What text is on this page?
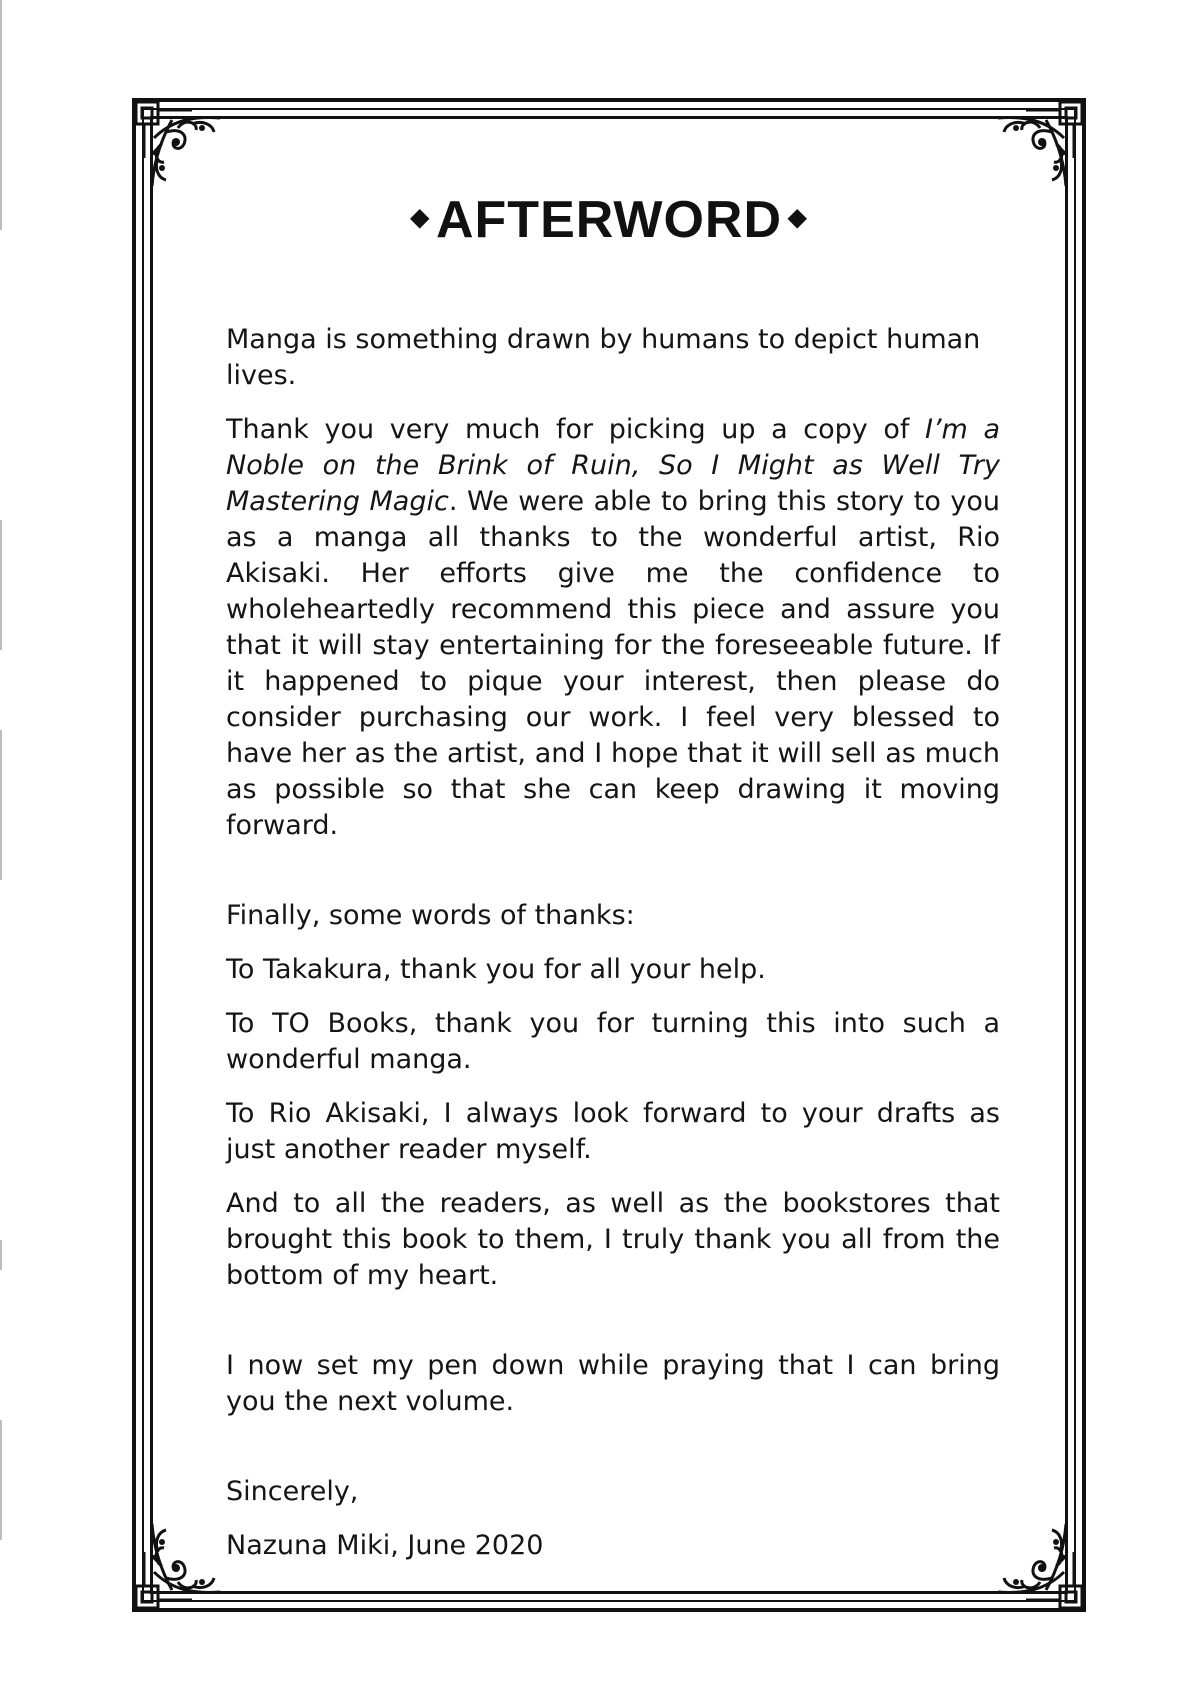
◆ AFTERWORD ◆

Manga is something drawn by humans to depict human lives.

Thank you very much for picking up a copy of I’m a Noble on the Brink of Ruin, So I Might as Well Try Mastering Magic. We were able to bring this story to you as a manga all thanks to the wonderful artist, Rio Akisaki. Her efforts give me the confidence to wholeheartedly recommend this piece and assure you that it will stay entertaining for the foreseeable future. If it happened to pique your interest, then please do consider purchasing our work. I feel very blessed to have her as the artist, and I hope that it will sell as much as possible so that she can keep drawing it moving forward.

Finally, some words of thanks:

To Takakura, thank you for all your help.

To TO Books, thank you for turning this into such a wonderful manga.

To Rio Akisaki, I always look forward to your drafts as just another reader myself.

And to all the readers, as well as the bookstores that brought this book to them, I truly thank you all from the bottom of my heart.

I now set my pen down while praying that I can bring you the next volume.

Sincerely,

Nazuna Miki, June 2020
